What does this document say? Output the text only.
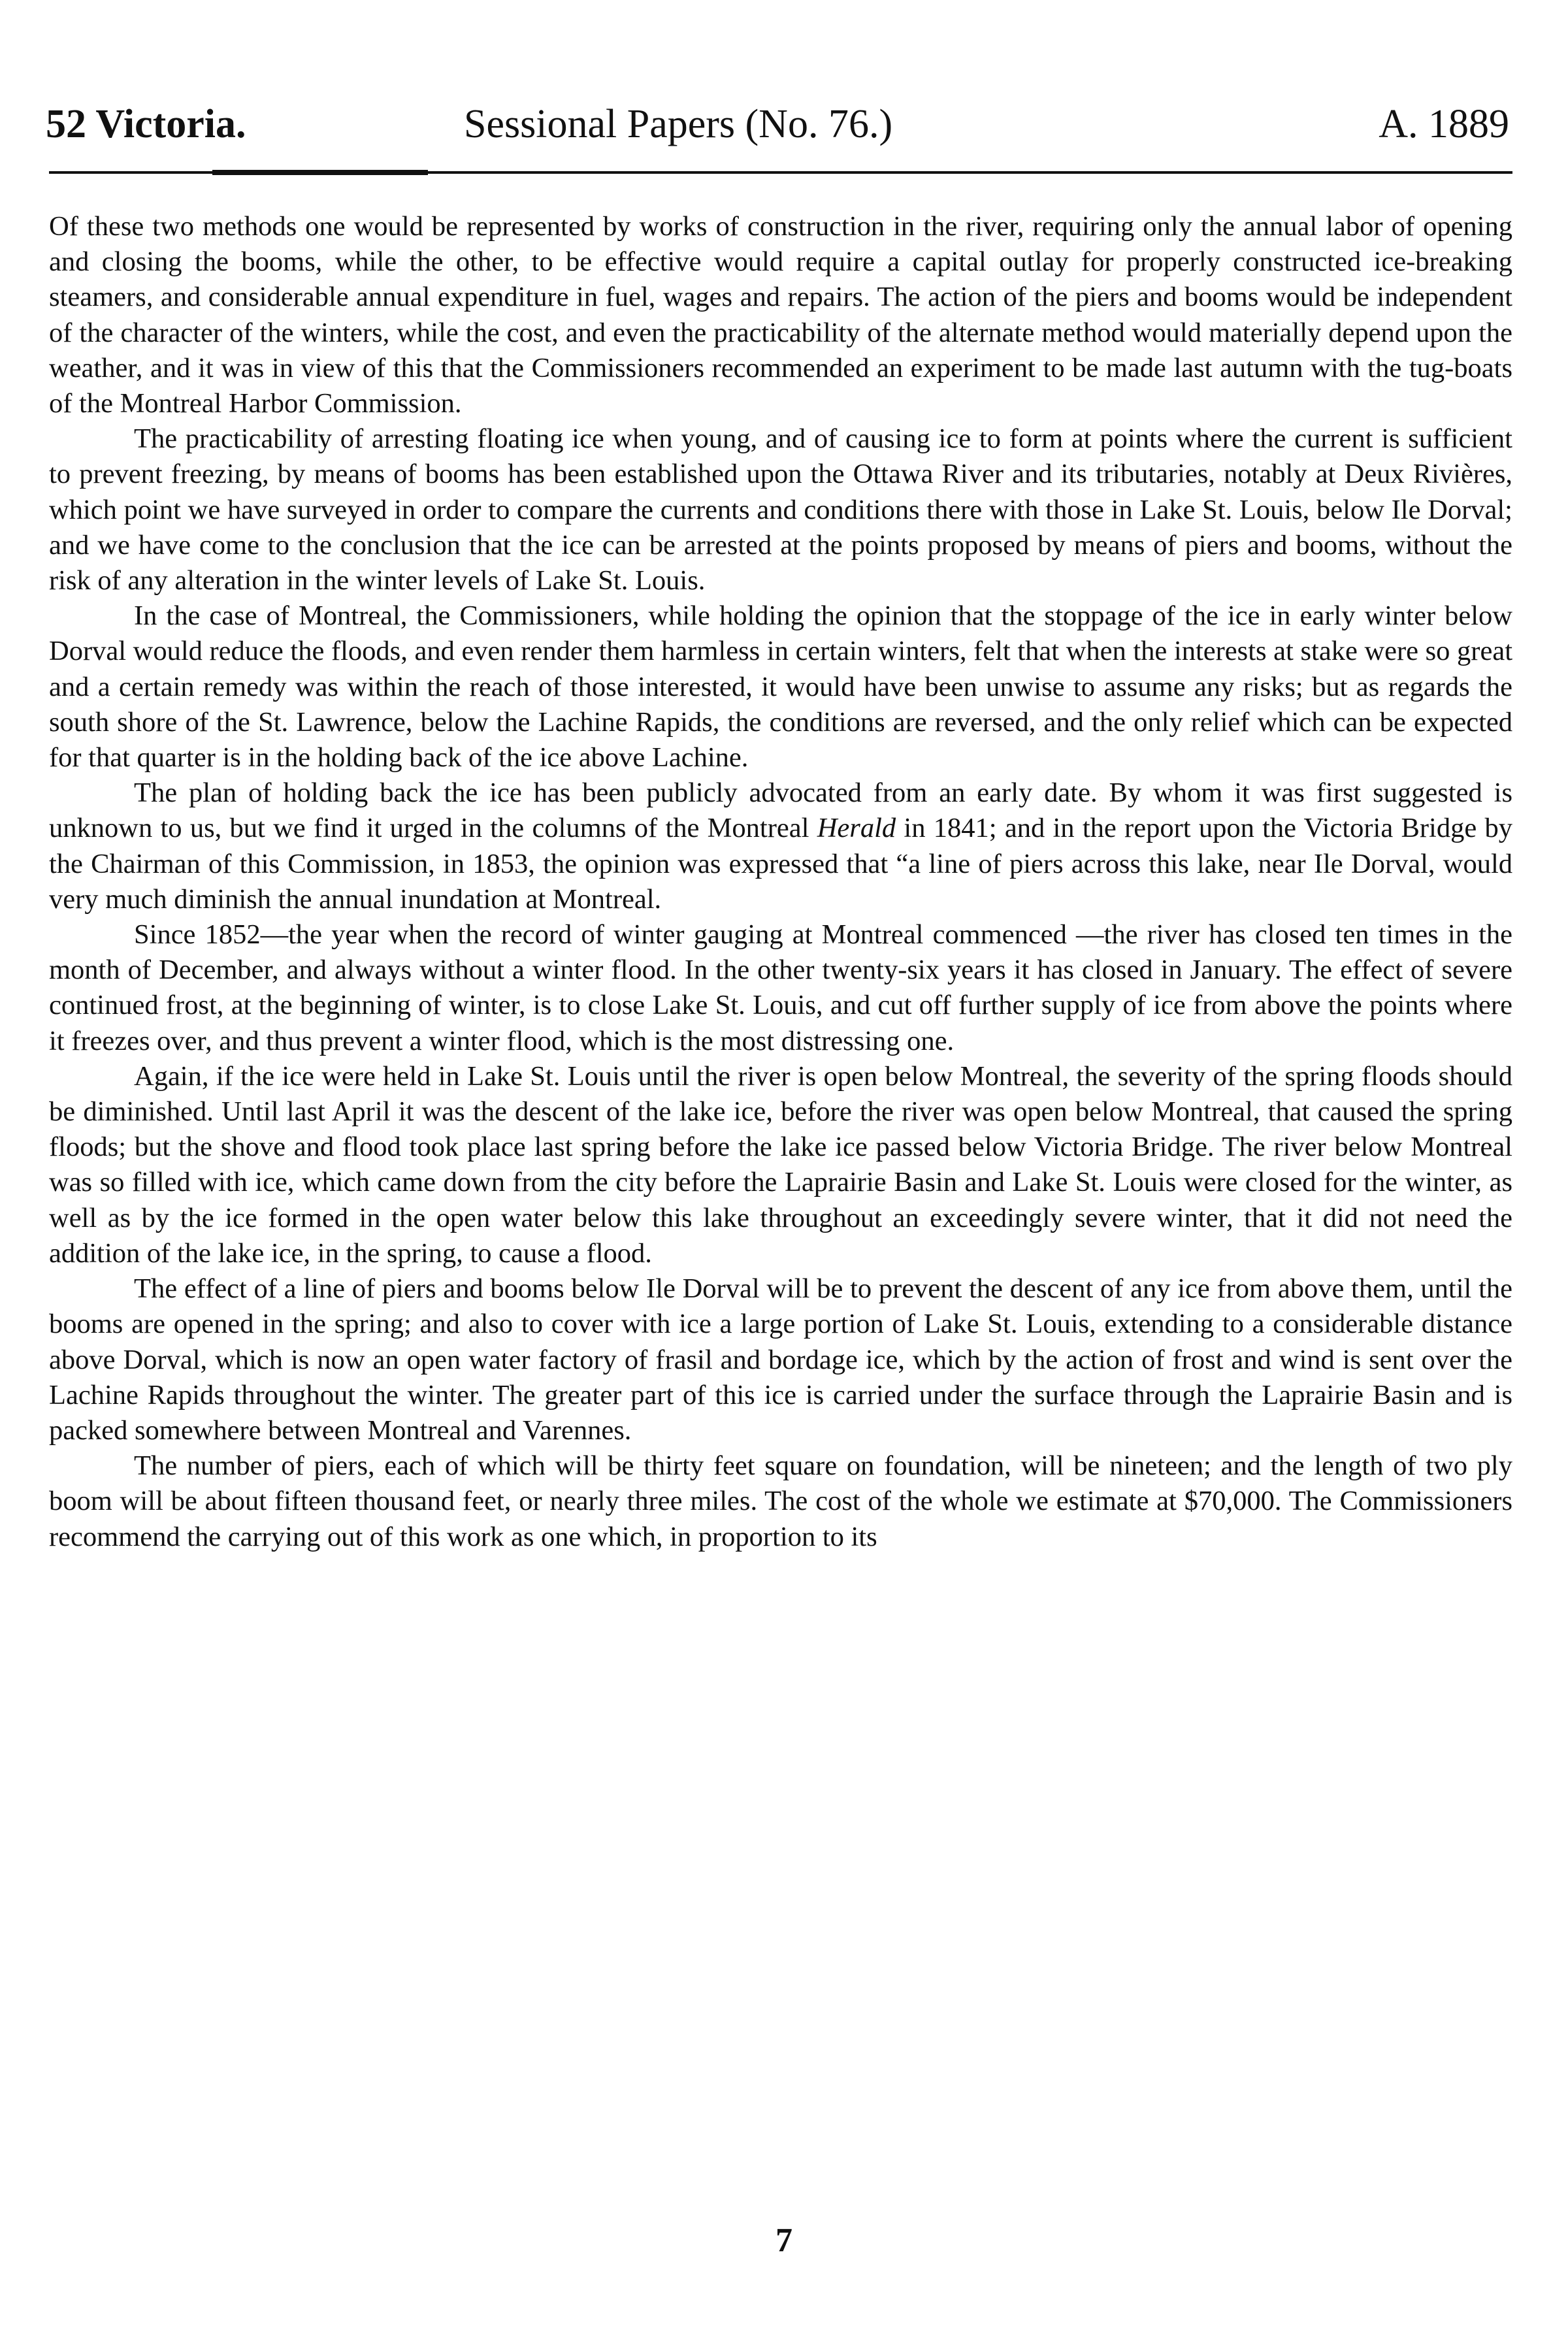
52 Victoria.	Sessional Papers (No. 76.)	A. 1889

Of these two methods one would be represented by works of construction in the river, requiring only the annual labor of opening and closing the booms, while the other, to be effective would require a capital outlay for properly constructed ice-breaking steamers, and considerable annual expenditure in fuel, wages and repairs. The action of the piers and booms would be independent of the character of the winters, while the cost, and even the practicability of the alternate method would materially depend upon the weather, and it was in view of this that the Commissioners recommended an experiment to be made last autumn with the tug-boats of the Montreal Harbor Commission.

The practicability of arresting floating ice when young, and of causing ice to form at points where the current is sufficient to prevent freezing, by means of booms has been established upon the Ottawa River and its tributaries, notably at Deux Rivières, which point we have surveyed in order to compare the currents and conditions there with those in Lake St. Louis, below Ile Dorval; and we have come to the conclusion that the ice can be arrested at the points proposed by means of piers and booms, without the risk of any alteration in the winter levels of Lake St. Louis.

In the case of Montreal, the Commissioners, while holding the opinion that the stoppage of the ice in early winter below Dorval would reduce the floods, and even render them harmless in certain winters, felt that when the interests at stake were so great and a certain remedy was within the reach of those interested, it would have been unwise to assume any risks; but as regards the south shore of the St. Lawrence, below the Lachine Rapids, the conditions are reversed, and the only relief which can be expected for that quarter is in the holding back of the ice above Lachine.

The plan of holding back the ice has been publicly advocated from an early date. By whom it was first suggested is unknown to us, but we find it urged in the columns of the Montreal Herald in 1841; and in the report upon the Victoria Bridge by the Chairman of this Commission, in 1853, the opinion was expressed that “a line of piers across this lake, near Ile Dorval, would very much diminish the annual inundation at Montreal.

Since 1852—the year when the record of winter gauging at Montreal commenced —the river has closed ten times in the month of December, and always without a winter flood. In the other twenty-six years it has closed in January. The effect of severe continued frost, at the beginning of winter, is to close Lake St. Louis, and cut off further supply of ice from above the points where it freezes over, and thus prevent a winter flood, which is the most distressing one.

Again, if the ice were held in Lake St. Louis until the river is open below Montreal, the severity of the spring floods should be diminished. Until last April it was the descent of the lake ice, before the river was open below Montreal, that caused the spring floods; but the shove and flood took place last spring before the lake ice passed below Victoria Bridge. The river below Montreal was so filled with ice, which came down from the city before the Laprairie Basin and Lake St. Louis were closed for the winter, as well as by the ice formed in the open water below this lake throughout an exceedingly severe winter, that it did not need the addition of the lake ice, in the spring, to cause a flood.

The effect of a line of piers and booms below Ile Dorval will be to prevent the descent of any ice from above them, until the booms are opened in the spring; and also to cover with ice a large portion of Lake St. Louis, extending to a considerable distance above Dorval, which is now an open water factory of frasil and bordage ice, which by the action of frost and wind is sent over the Lachine Rapids throughout the winter. The greater part of this ice is carried under the surface through the Laprairie Basin and is packed somewhere between Montreal and Varennes.

The number of piers, each of which will be thirty feet square on foundation, will be nineteen; and the length of two ply boom will be about fifteen thousand feet, or nearly three miles. The cost of the whole we estimate at $70,000. The Commissioners recommend the carrying out of this work as one which, in proportion to its

7
